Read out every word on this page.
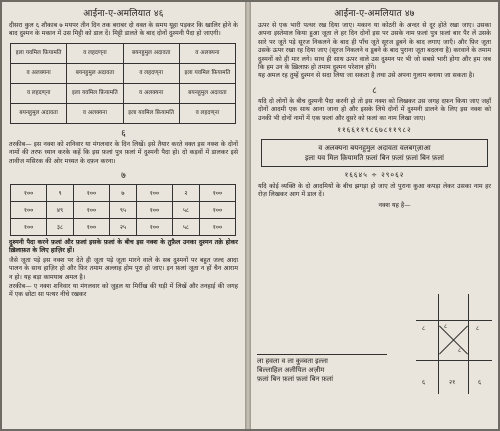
आईना-ए-अमलियात ४६
दीसरा कुल ६ शौकाब ७ मयपर तीन दिन तक बराबर दो वक्त के समय यूहा पड़कर कि खालिर होने के बाद दुश्मन के मकान में उस मिट्टी को डाल दें। मिट्टी डालते के बाद दोनों दुश्मनी पैदा हो जाएगी।
इला यवमिल फ़ियामति	व लहदण्‌ना	बयनहुमुल अदावता	व अलक्यना
व अलक्यना	बयनहुमुल अदावता	व लहदण्‌ना	इला यवमिल फ़ियामति
व लहदण्‌ना	इला यवमिल फ़ियामति	व अलक्यना	बयनहुमुल अदावता
बयनहुमुल अदावता	व अलक्यना	इला यवमिल फ़ियामति	व लहदण्‌ना
६
तरकीब— इस नक्श को शनिवार या मंगलवार के दिन लिखें। इसे तैयार करते वक्त इस नक्श के दोनों नामों की तरफ ध्यान करके कहें कि इस फ़लां पुत्र फ़लां में दुश्मनी पैदा हो। दो कड़वों में डालकर इसे तावीज मसिरक की ओर मध्यत के दफ़न करना।
७
१००	९	१००	७	१००	२	१००
१००	४९	१००	९५	१००	५८	१००
१००	३८	१००	२५	१००	५८	१००
दुश्मनी पैदा करने फ़लां और फ़लां इसके फ़लां के बीच इस नक्श के तुफ़ैल उनका दुश्मन तक़े होकर ख़िलाफ़त के लिए हाज़िर हों।
जैसे जूता पड़े इस नक्श पर देते ही जूता पड़े जूता मारने वाले के सब दुश्मनों पर बहुत जल्द आदा पालन के साथ हाज़िर हो और फ़िर तमाम अल्लाह होम पूरा हो जाए। इन फ़लां जूता न हों चैन आराम न हो। यह बड़ा कामयाब अमल है।
तरकीब— ए नक्श शनिवार या मंगलवार को जुहल या मिर्रीख की घड़ी में लिखें और तनहाई की जगह में एक छोटा सा पत्थर नीचे रखकर
आईना-ए-अमलियात ४७
ऊपर से एक भारी पत्थर रख दिया जाए। मकान या कोठरी के अन्दर से दूर होते रखा जाए। उसका अपना इस्तेमाल किया हुआ जूता ले हर दिन दोनों इस पर उसके नाम फ़लां पुत्र फ़लां बार पैर लें उसके सारे पर जूते पड़े सूरज निकलने के बाद ही पाँच जूते सूरज डूबने के बाद लगाए जाएँ। और फ़िर जूता उसके ऊपर रखा रह दिया जाए (सूरज निकलने व डूबने के बाद पुराना जूता बदलना है) करवाने के तमाम दुश्मनों को ही मार लगे। साथ ही साथ ऊपर वाले उस दुश्मन पर भी जो सबसे भारी होगा और हम जब कि हम उन के ख़िलाफ़ हो तमाम दुश्मन परेशान होंगे।
यह अमल रह तुम्हें दुश्मन से सदा लिया जा सकता है तथा उसे अपना गुलाम बनाया जा सकता है।
८
यदि दो लोगों के बीच दुश्मनी पैदा करनी हो तो इस नक्श को लिखकर उस जगह दफ़न किया जाए जहाँ दोनों आदमी एक साथ आना जाना हो और इसके लिये दोनों में दुश्मनी डालने के लिए इस नक्श को उनकी भी दोनों नामों में एक फ़लां और दूसरे को फ़लां का नाम लिखा जाए।
११६६११९८६७८११९८२
व अलक्यना बयनहुमुल अदावता वलबग्‌ज़ाआ
इला यव मिल क़ियामति फ़लां बिन फ़लां फ़लां बिन फ़लां
१६६४५ ÷ २९०६२
यदि कोई व्यक्ति के दो आदमियों के बीच झगड़ा हो जाए तो पुराना कुआ कपड़ा लेकर उसका नाम हर रोज़ लिखकर आग में डाल दें।
नक्श यह है—
ला हवला व ला कुव्वता इल्ला
बिल्लाहिल अलीयिल अज़ीम
फ़लां बिन फ़लां फ़लां बिन फ़लां
८
८
८	८
२१
६	६
